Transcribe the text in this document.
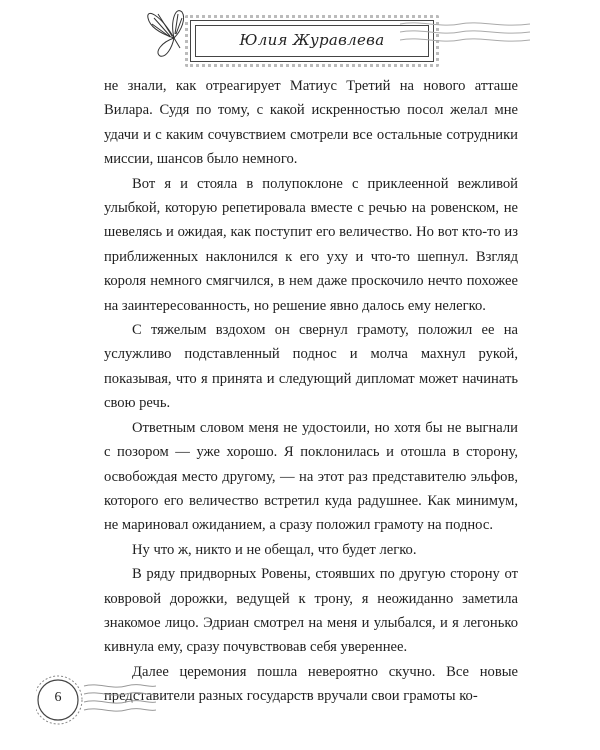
Юлия Журавлева

не знали, как отреагирует Матиус Третий на нового атташе Вилара. Судя по тому, с какой искренностью посол желал мне удачи и с каким сочувствием смотрели все остальные сотрудники миссии, шансов было немного.

Вот я и стояла в полупоклоне с приклеенной вежливой улыбкой, которую репетировала вместе с речью на ровенском, не шевелясь и ожидая, как поступит его величество. Но вот кто-то из приближенных наклонился к его уху и что-то шепнул. Взгляд короля немного смягчился, в нем даже проскочило нечто похожее на заинтересованность, но решение явно далось ему нелегко.

С тяжелым вздохом он свернул грамоту, положил ее на услужливо подставленный поднос и молча махнул рукой, показывая, что я принята и следующий дипломат может начинать свою речь.

Ответным словом меня не удостоили, но хотя бы не выгнали с позором — уже хорошо. Я поклонилась и отошла в сторону, освобождая место другому, — на этот раз представителю эльфов, которого его величество встретил куда радушнее. Как минимум, не мариновал ожиданием, а сразу положил грамоту на поднос.

Ну что ж, никто и не обещал, что будет легко.

В ряду придворных Ровены, стоявших по другую сторону от ковровой дорожки, ведущей к трону, я неожиданно заметила знакомое лицо. Эдриан смотрел на меня и улыбался, и я легонько кивнула ему, сразу почувствовав себя увереннее.

Далее церемония пошла невероятно скучно. Все новые представители разных государств вручали свои грамоты ко-

6
